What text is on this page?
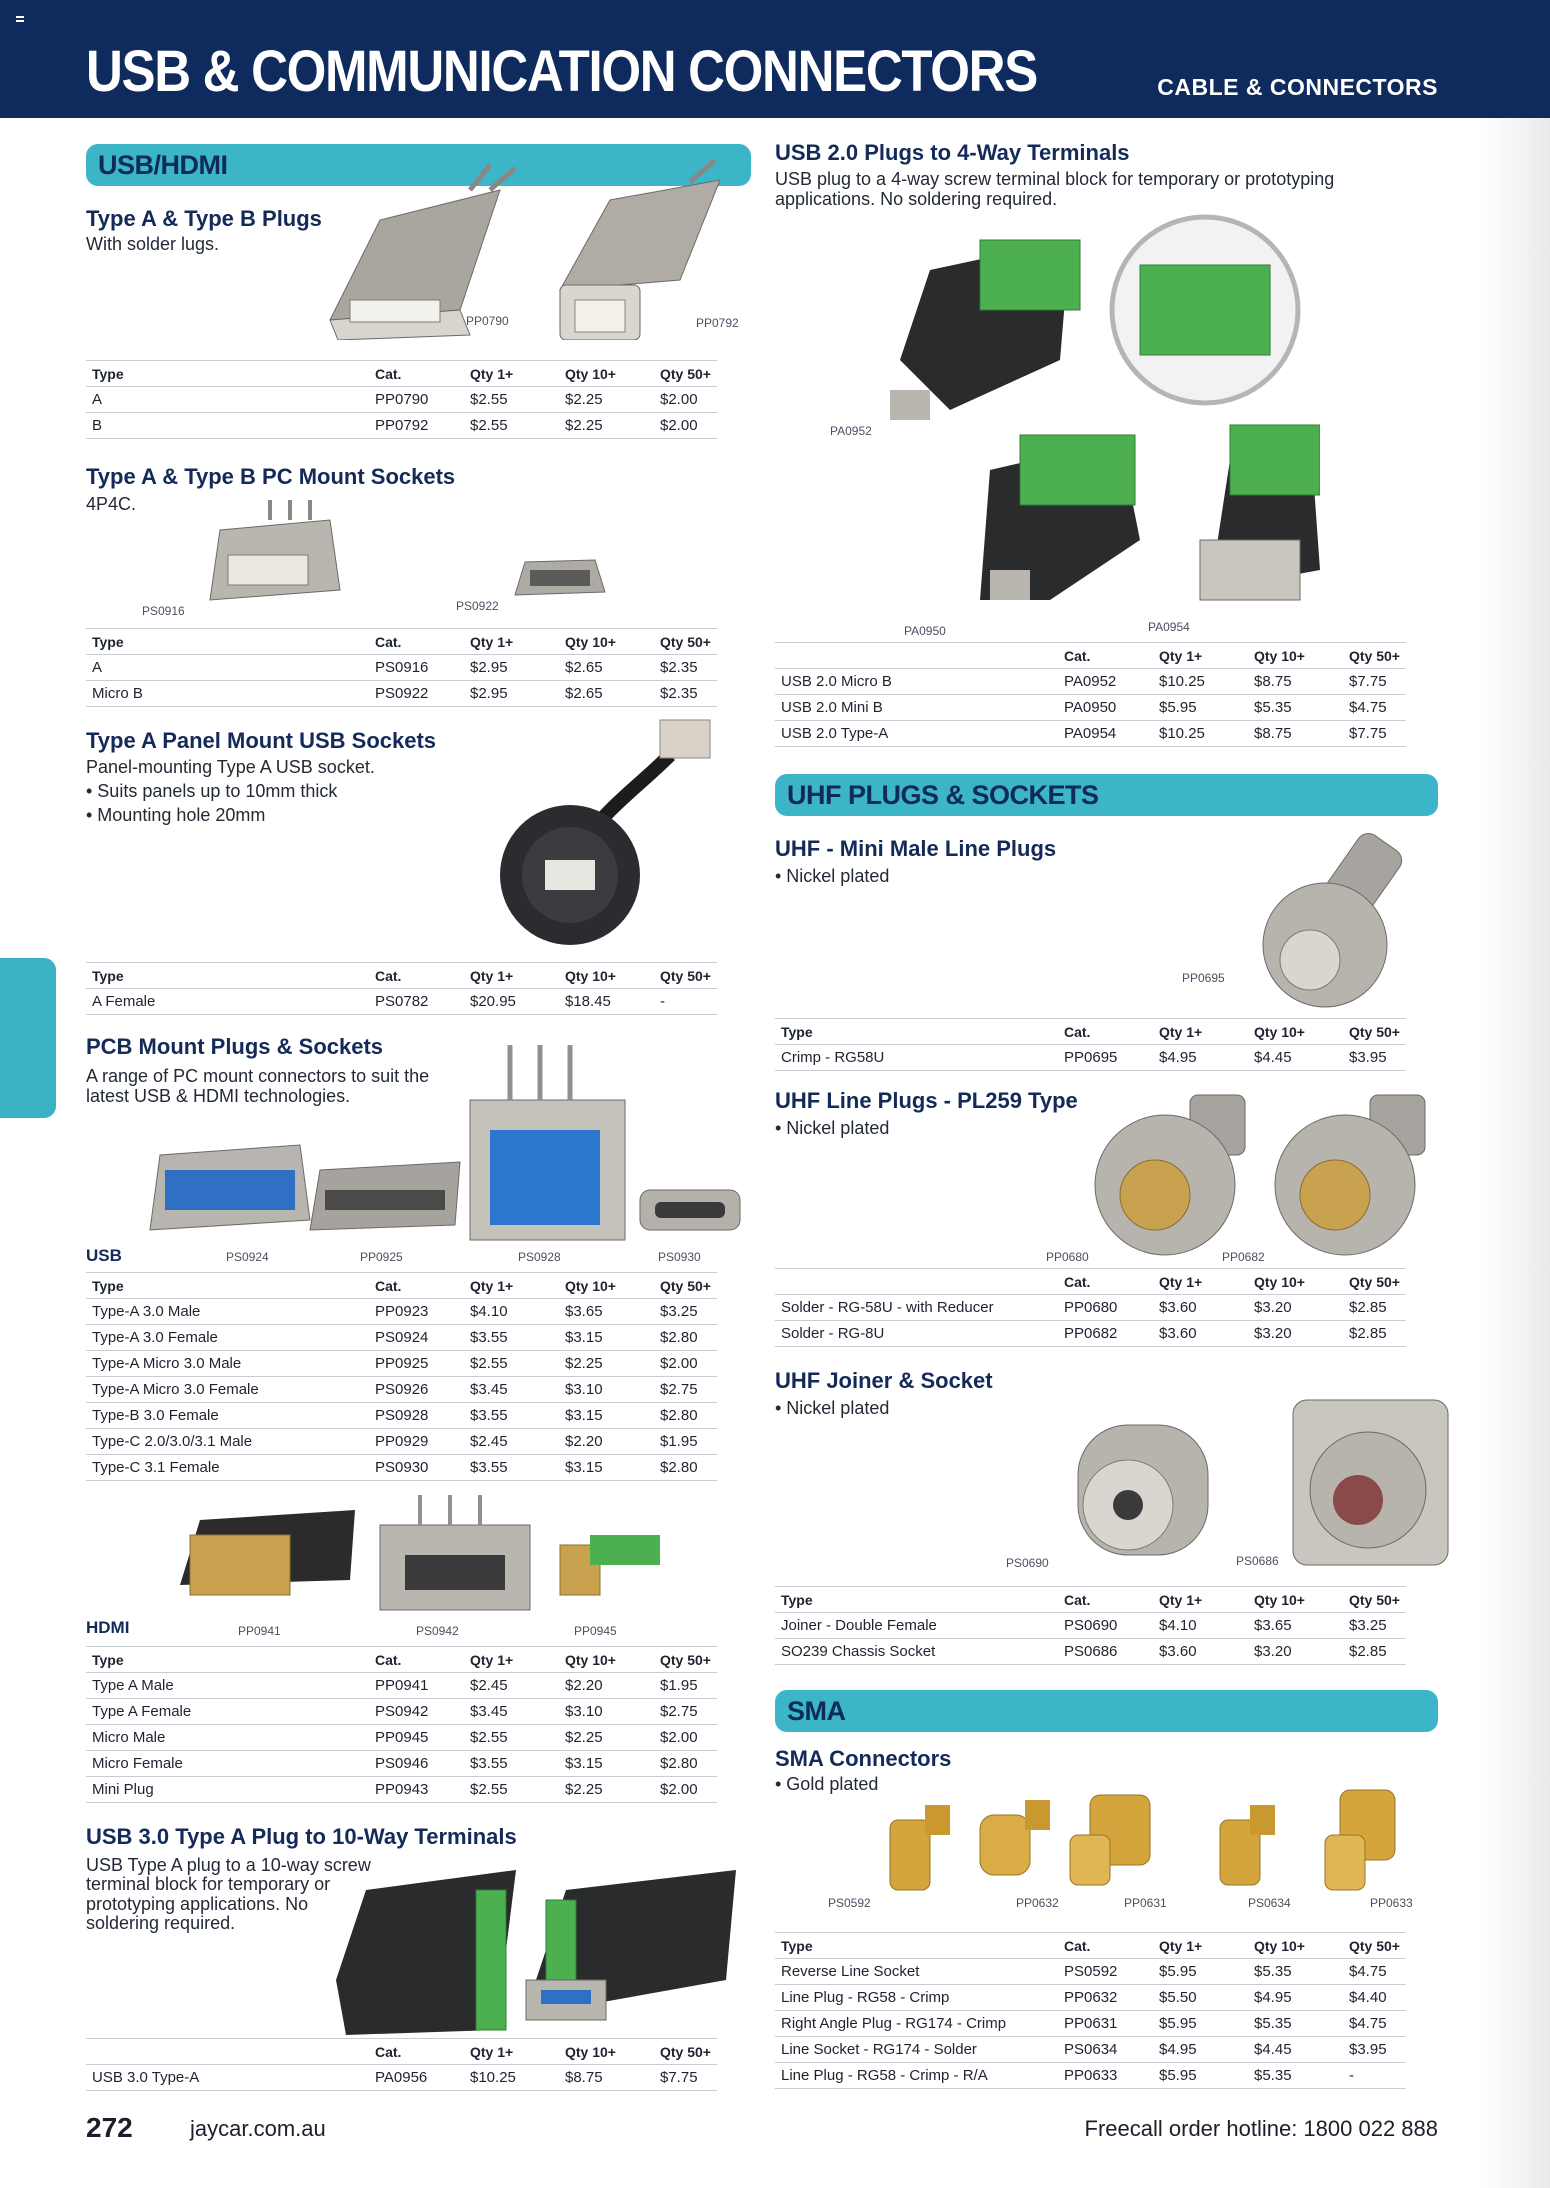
USB & COMMUNICATION CONNECTORS	CABLE & CONNECTORS
USB/HDMI
Type A & Type B Plugs
With solder lugs.
PP0790	PP0792
Type	Cat.	Qty 1+	Qty 10+	Qty 50+
A	PP0790	$2.55	$2.25	$2.00
B	PP0792	$2.55	$2.25	$2.00
Type A & Type B PC Mount Sockets
4P4C.
PS0916	PS0922
Type	Cat.	Qty 1+	Qty 10+	Qty 50+
A	PS0916	$2.95	$2.65	$2.35
Micro B	PS0922	$2.95	$2.65	$2.35
Type A Panel Mount USB Sockets
Panel-mounting Type A USB socket.
• Suits panels up to 10mm thick
• Mounting hole 20mm
Type	Cat.	Qty 1+	Qty 10+	Qty 50+
A Female	PS0782	$20.95	$18.45	-
PCB Mount Plugs & Sockets
A range of PC mount connectors to suit the
latest USB & HDMI technologies.
USB	PS0924	PP0925	PS0928	PS0930
Type	Cat.	Qty 1+	Qty 10+	Qty 50+
Type-A 3.0 Male	PP0923	$4.10	$3.65	$3.25
Type-A 3.0 Female	PS0924	$3.55	$3.15	$2.80
Type-A Micro 3.0 Male	PP0925	$2.55	$2.25	$2.00
Type-A Micro 3.0 Female	PS0926	$3.45	$3.10	$2.75
Type-B 3.0 Female	PS0928	$3.55	$3.15	$2.80
Type-C 2.0/3.0/3.1 Male	PP0929	$2.45	$2.20	$1.95
Type-C 3.1 Female	PS0930	$3.55	$3.15	$2.80
HDMI	PP0941	PS0942	PP0945
Type	Cat.	Qty 1+	Qty 10+	Qty 50+
Type A Male	PP0941	$2.45	$2.20	$1.95
Type A Female	PS0942	$3.45	$3.10	$2.75
Micro Male	PP0945	$2.55	$2.25	$2.00
Micro Female	PS0946	$3.55	$3.15	$2.80
Mini Plug	PP0943	$2.55	$2.25	$2.00
USB 3.0 Type A Plug to 10-Way Terminals
USB Type A plug to a 10-way screw
terminal block for temporary or
prototyping applications. No
soldering required.
	Cat.	Qty 1+	Qty 10+	Qty 50+
USB 3.0 Type-A	PA0956	$10.25	$8.75	$7.75
USB 2.0 Plugs to 4-Way Terminals
USB plug to a 4-way screw terminal block for temporary or prototyping
applications. No soldering required.
PA0952
PA0950	PA0954
	Cat.	Qty 1+	Qty 10+	Qty 50+
USB 2.0 Micro B	PA0952	$10.25	$8.75	$7.75
USB 2.0 Mini B	PA0950	$5.95	$5.35	$4.75
USB 2.0 Type-A	PA0954	$10.25	$8.75	$7.75
UHF PLUGS & SOCKETS
UHF - Mini Male Line Plugs
• Nickel plated
PP0695
Type	Cat.	Qty 1+	Qty 10+	Qty 50+
Crimp - RG58U	PP0695	$4.95	$4.45	$3.95
UHF Line Plugs - PL259 Type
• Nickel plated
PP0680	PP0682
	Cat.	Qty 1+	Qty 10+	Qty 50+
Solder - RG-58U - with Reducer	PP0680	$3.60	$3.20	$2.85
Solder - RG-8U	PP0682	$3.60	$3.20	$2.85
UHF Joiner & Socket
• Nickel plated
PS0690	PS0686
Type	Cat.	Qty 1+	Qty 10+	Qty 50+
Joiner - Double Female	PS0690	$4.10	$3.65	$3.25
SO239 Chassis Socket	PS0686	$3.60	$3.20	$2.85
SMA
SMA Connectors
• Gold plated
PS0592	PP0632	PP0631	PS0634	PP0633
Type	Cat.	Qty 1+	Qty 10+	Qty 50+
Reverse Line Socket	PS0592	$5.95	$5.35	$4.75
Line Plug - RG58 - Crimp	PP0632	$5.50	$4.95	$4.40
Right Angle Plug - RG174 - Crimp	PP0631	$5.95	$5.35	$4.75
Line Socket - RG174 - Solder	PS0634	$4.95	$4.45	$3.95
Line Plug - RG58 - Crimp - R/A	PP0633	$5.95	$5.35	-
272	jaycar.com.au	Freecall order hotline: 1800 022 888
